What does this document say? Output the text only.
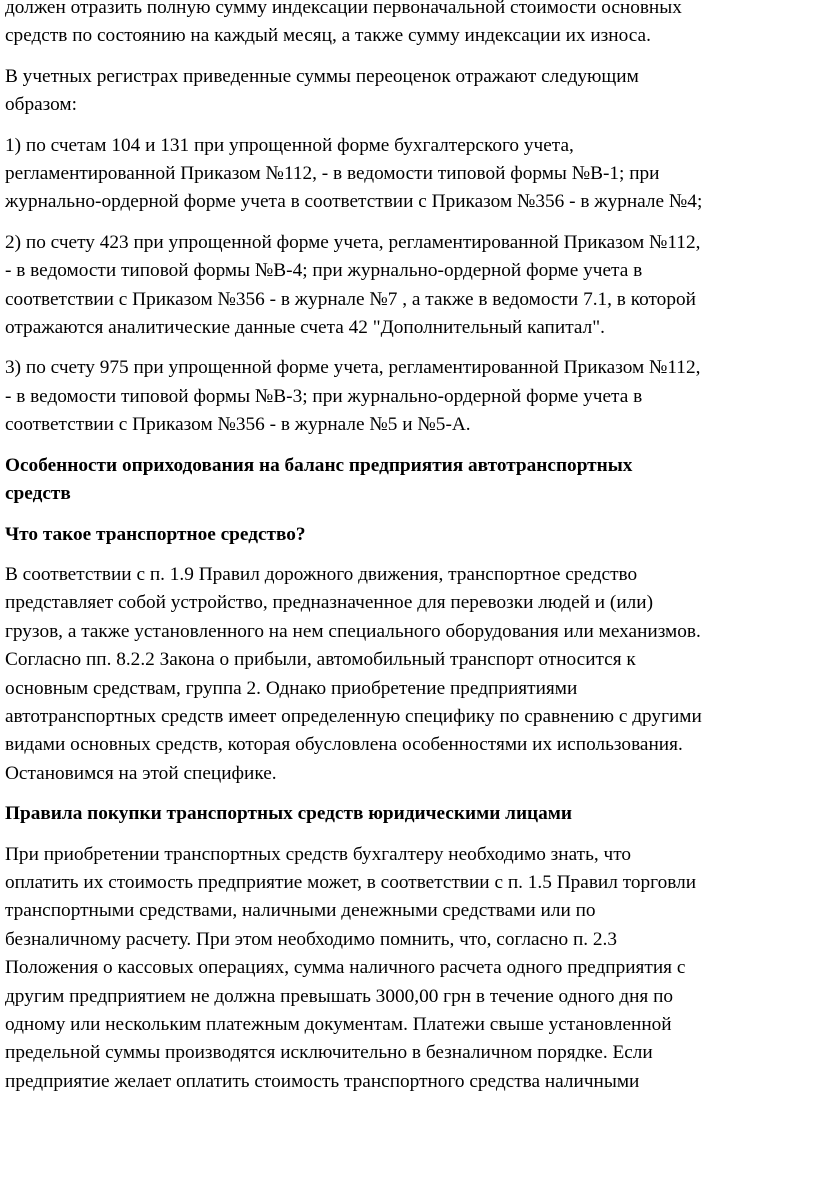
должен отразить полную сумму индексации первоначальной стоимости основных
средств по состоянию на каждый месяц, а также сумму индексации их износа.

В учетных регистрах приведенные суммы переоценок отражают следующим
образом:

1) по счетам 104 и 131 при упрощенной форме бухгалтерского учета,
регламентированной Приказом №112, - в ведомости типовой формы №В-1; при
журнально-ордерной форме учета в соответствии с Приказом №356 - в журнале №4;

2) по счету 423 при упрощенной форме учета, регламентированной Приказом №112,
- в ведомости типовой формы №В-4; при журнально-ордерной форме учета в
соответствии с Приказом №356 - в журнале №7 , а также в ведомости 7.1, в которой
отражаются аналитические данные счета 42 "Дополнительный капитал".

3) по счету 975 при упрощенной форме учета, регламентированной Приказом №112,
- в ведомости типовой формы №В-3; при журнально-ордерной форме учета в
соответствии с Приказом №356 - в журнале №5 и №5-А.

Особенности оприходования на баланс предприятия автотранспортных
средств

Что такое транспортное средство?

В соответствии с п. 1.9 Правил дорожного движения, транспортное средство
представляет собой устройство, предназначенное для перевозки людей и (или)
грузов, а также установленного на нем специального оборудования или механизмов.
Согласно пп. 8.2.2 Закона о прибыли, автомобильный транспорт относится к
основным средствам, группа 2. Однако приобретение предприятиями
автотранспортных средств имеет определенную специфику по сравнению с другими
видами основных средств, которая обусловлена особенностями их использования.
Остановимся на этой специфике.

Правила покупки транспортных средств юридическими лицами

При приобретении транспортных средств бухгалтеру необходимо знать, что
оплатить их стоимость предприятие может, в соответствии с п. 1.5 Правил торговли
транспортными средствами, наличными денежными средствами или по
безналичному расчету. При этом необходимо помнить, что, согласно п. 2.3
Положения о кассовых операциях, сумма наличного расчета одного предприятия с
другим предприятием не должна превышать 3000,00 грн в течение одного дня по
одному или нескольким платежным документам. Платежи свыше установленной
предельной суммы производятся исключительно в безналичном порядке. Если
предприятие желает оплатить стоимость транспортного средства наличными
